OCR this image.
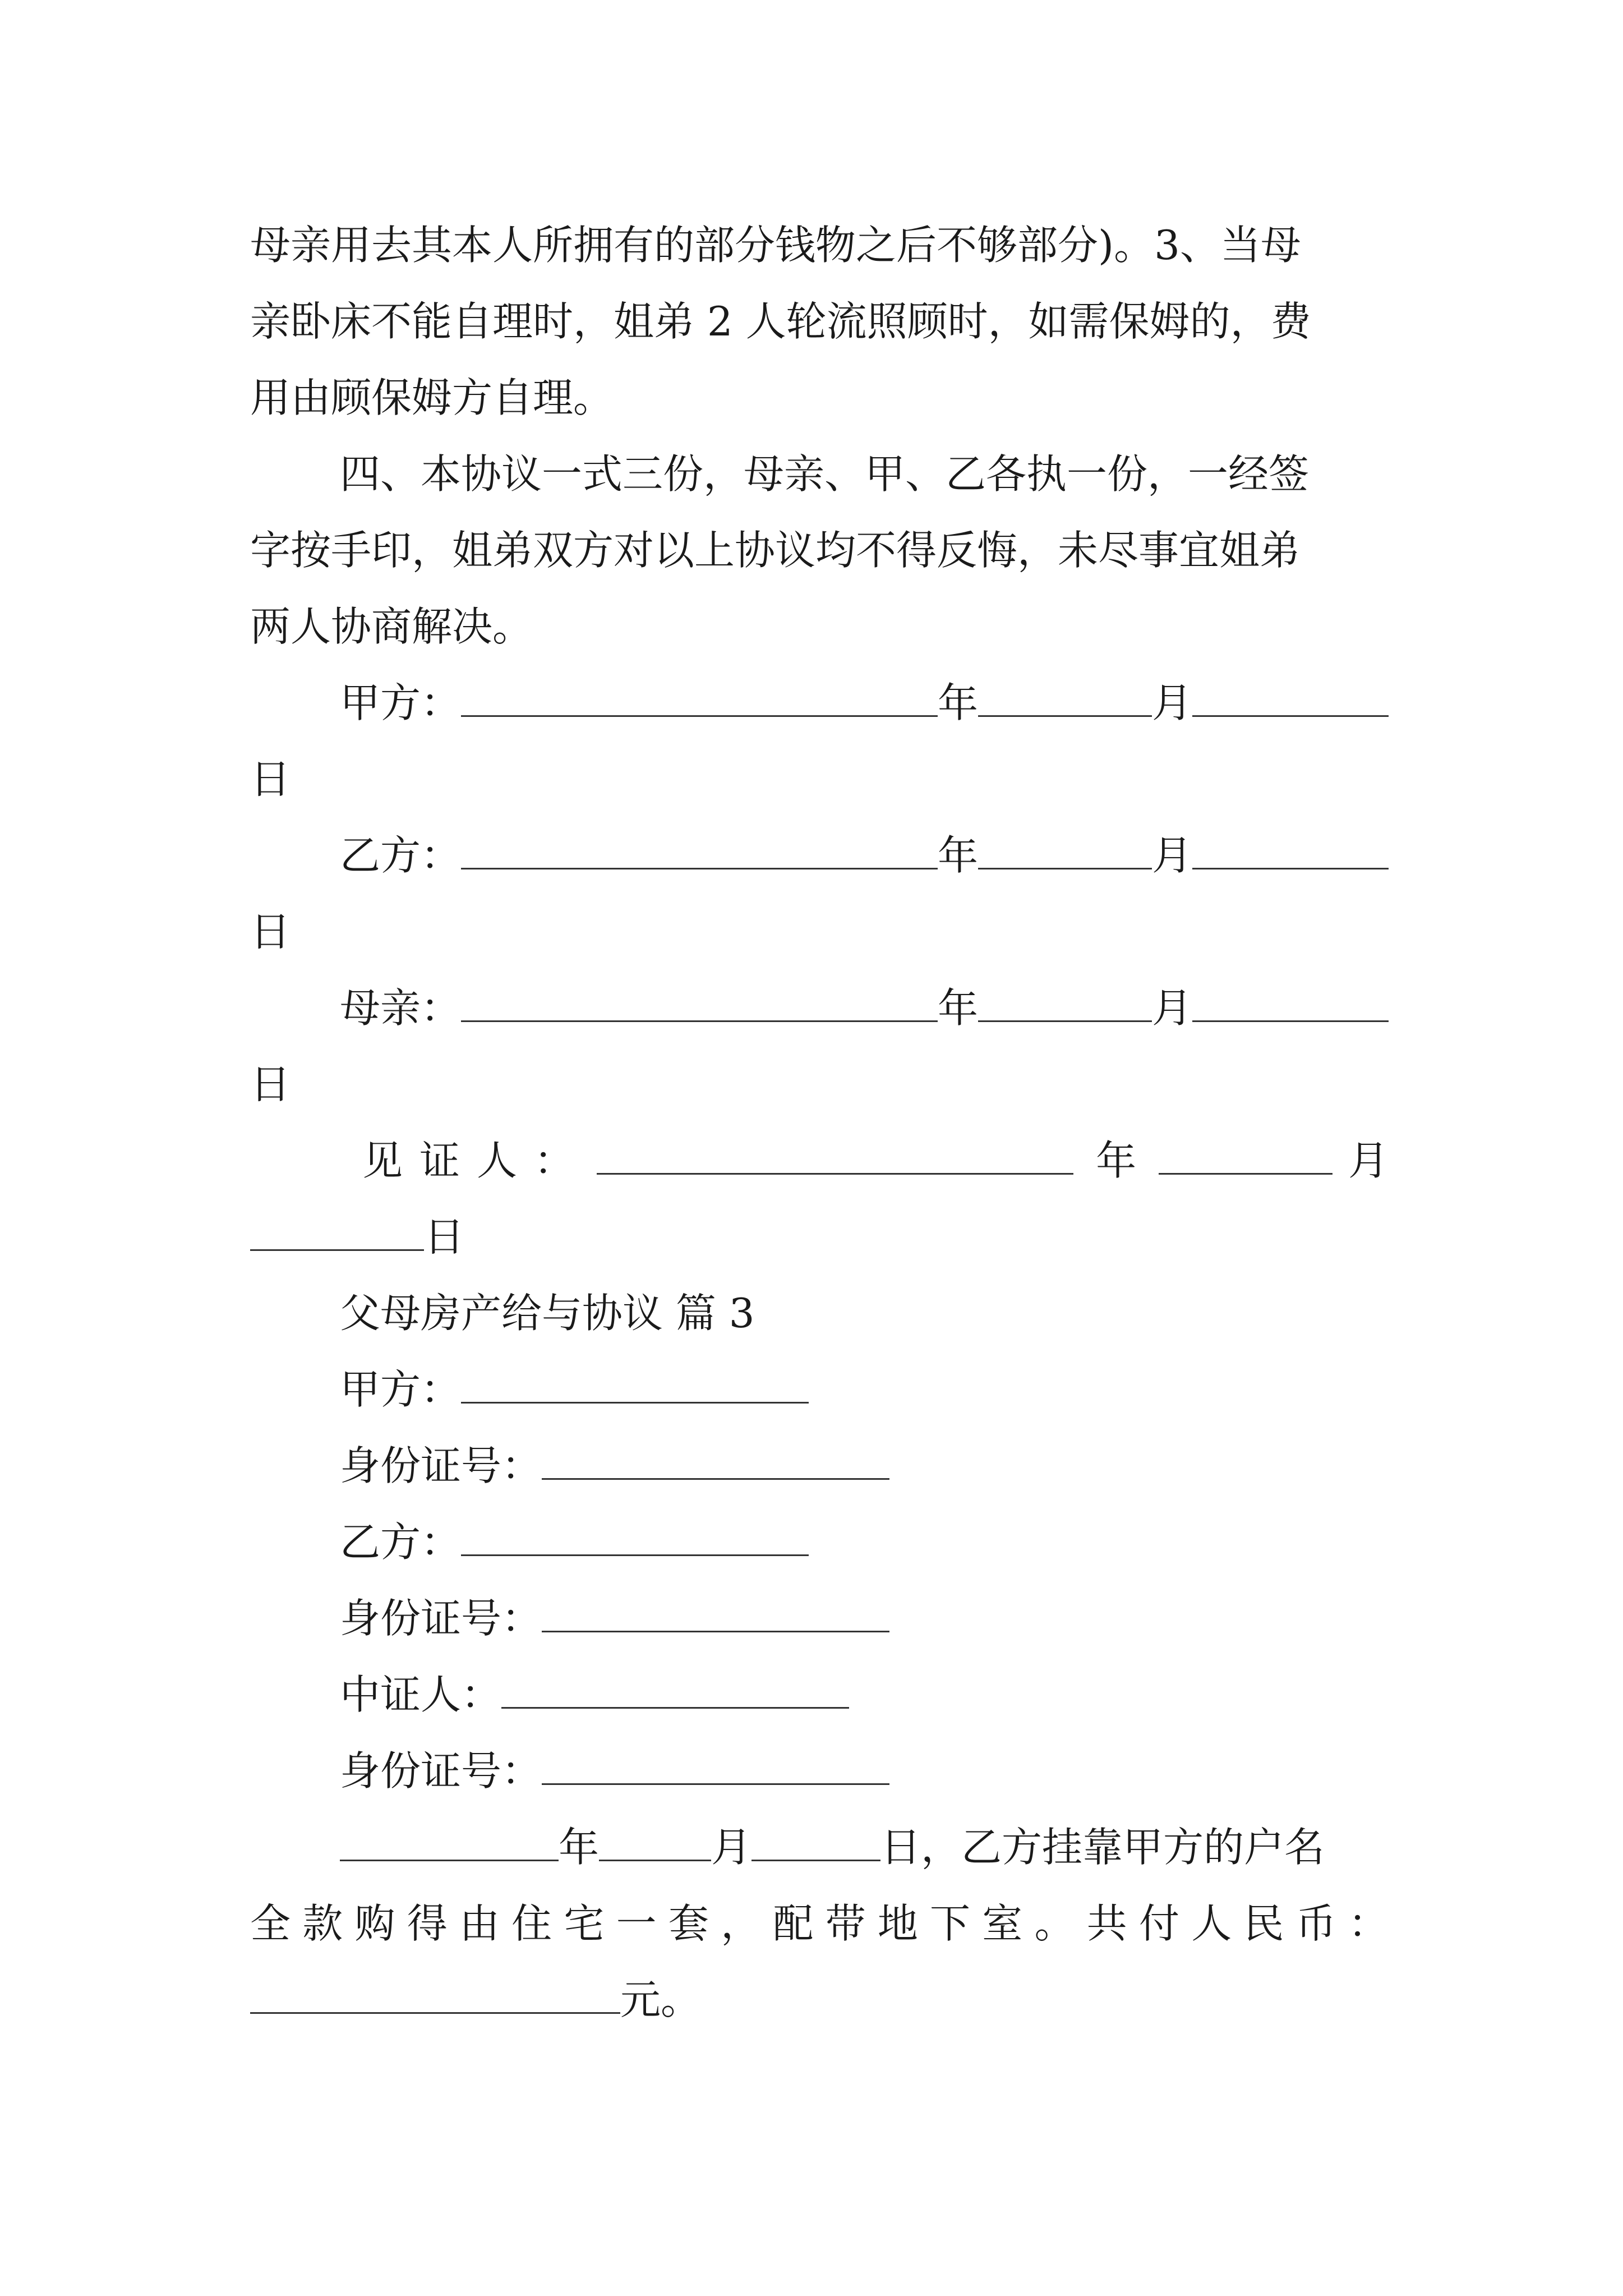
母亲用去其本人所拥有的部分钱物之后不够部分)。3、当母
亲卧床不能自理时，姐弟 2 人轮流照顾时，如需保姆的，费
用由顾保姆方自理。
四、本协议一式三份，母亲、甲、乙各执一份，一经签
字按手印，姐弟双方对以上协议均不得反悔，未尽事宜姐弟
两人协商解决。
甲方：	年	月
日
乙方：	年	月
日
母亲：	年	月
日
见 证 人 ：	年	月
日
父母房产给与协议 篇 3
甲方：
身份证号：
乙方：
身份证号：
中证人：
身份证号：
年	月	日，乙方挂靠甲方的户名
全 款 购 得 由 住 宅 一 套 ， 配 带 地 下 室 。 共 付 人 民 币 ：
元。
